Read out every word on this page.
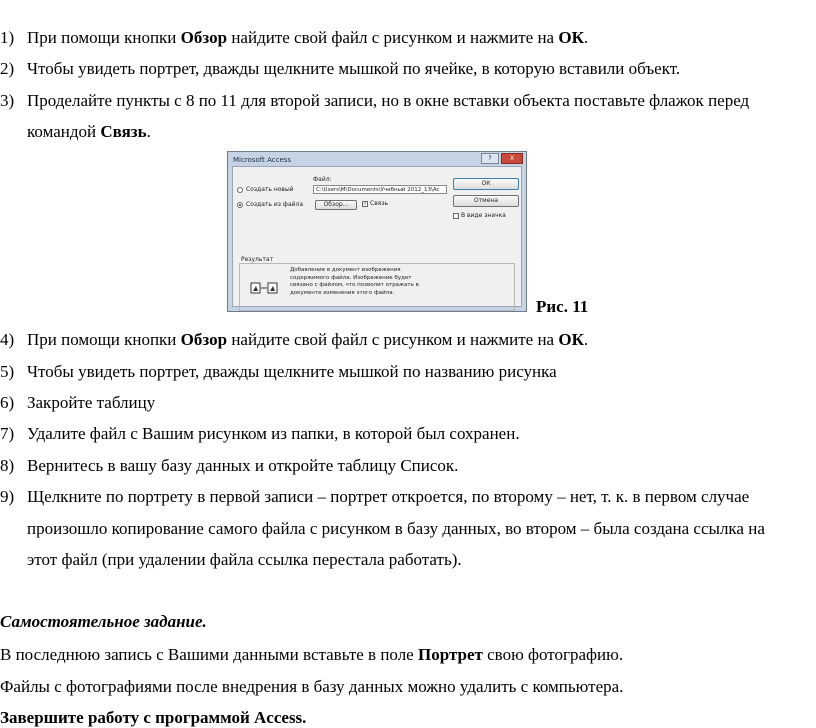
1) При помощи кнопки Обзор найдите свой файл с рисунком и нажмите на ОК.
2) Чтобы увидеть портрет, дважды щелкните мышкой по ячейке, в которую вставили объект.
3) Проделайте пункты с 8 по 11 для второй записи, но в окне вставки объекта поставьте флажок перед
командой Связь.
Microsoft Access	?	X
Создать новый
Создать из файла
Файл:
C:\Users\M\Documents\Учебный 2012_13\Ac
Обзор...	✓ Связь
ОК
Отмена
В виде значка
Результат
Добавление в документ изображения
содержимого файла. Изображение будет
связано с файлом, что позволит отражать в
документе изменения этого файла.
Рис. 11
4) При помощи кнопки Обзор найдите свой файл с рисунком и нажмите на ОК.
5) Чтобы увидеть портрет, дважды щелкните мышкой по названию рисунка
6) Закройте таблицу
7) Удалите файл с Вашим рисунком из папки, в которой был сохранен.
8) Вернитесь в вашу базу данных и откройте таблицу Список.
9) Щелкните по портрету в первой записи – портрет откроется, по второму – нет, т. к. в первом случае
произошло копирование самого файла с рисунком в базу данных, во втором – была создана ссылка на
этот файл (при удалении файла ссылка перестала работать).
Самостоятельное задание.
В последнюю запись с Вашими данными вставьте в поле Портрет свою фотографию.
Файлы с фотографиями после внедрения в базу данных можно удалить с компьютера.
Завершите работу с программой Access.
